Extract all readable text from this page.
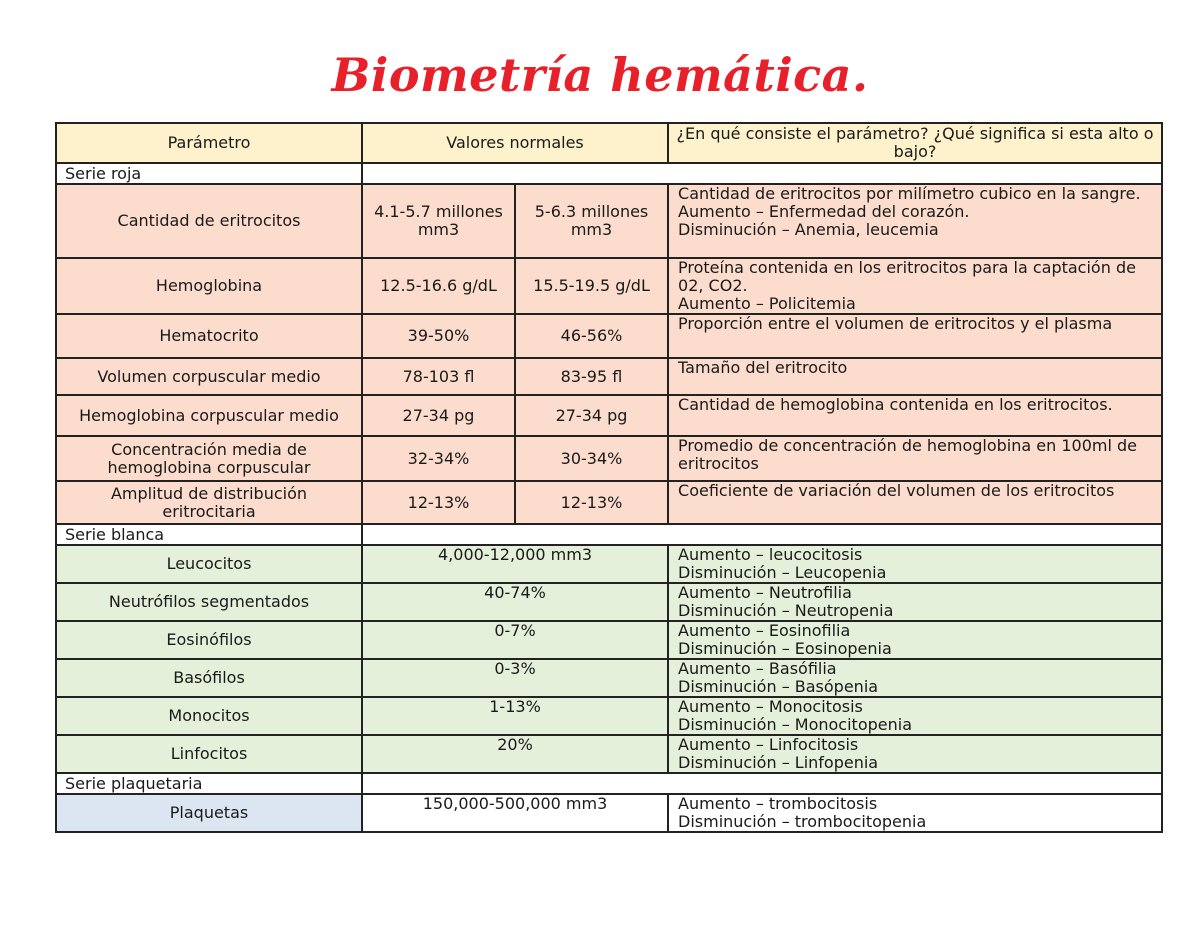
Biometría hemática.
Parámetro	Valores normales		¿En qué consiste el parámetro? ¿Qué significa si esta alto o bajo?
Serie roja			
Cantidad de eritrocitos	4.1-5.7 millones mm3	5-6.3 millones mm3	Cantidad de eritrocitos por milímetro cubico en la sangre.
Aumento – Enfermedad del corazón.
Disminución – Anemia, leucemia

Hemoglobina	12.5-16.6 g/dL	15.5-19.5 g/dL	Proteína contenida en los eritrocitos para la captación de 02, CO2.
Aumento – Policitemia

Hematocrito	39-50%	46-56%	Proporción entre el volumen de eritrocitos y el plasma

Volumen corpuscular medio	78-103 fl	83-95 fl	Tamaño del eritrocito

Hemoglobina corpuscular medio	27-34 pg	27-34 pg	Cantidad de hemoglobina contenida en los eritrocitos.

Concentración media de hemoglobina corpuscular	32-34%	30-34%	Promedio de concentración de hemoglobina en 100ml de eritrocitos

Amplitud de distribución eritrocitaria	12-13%	12-13%	Coeficiente de variación del volumen de los eritrocitos

Serie blanca			
Leucocitos	4,000-12,000 mm3		Aumento – leucocitosis
Disminución – Leucopenia

Neutrófilos segmentados	40-74%		Aumento – Neutrofilia
Disminución – Neutropenia

Eosinófilos	0-7%		Aumento – Eosinofilia
Disminución – Eosinopenia

Basófilos	0-3%		Aumento – Basófilia
Disminución – Basópenia

Monocitos	1-13%		Aumento – Monocitosis
Disminución – Monocitopenia

Linfocitos	20%		Aumento – Linfocitosis
Disminución – Linfopenia

Serie plaquetaria			
Plaquetas	150,000-500,000 mm3		Aumento – trombocitosis
Disminución – trombocitopenia
